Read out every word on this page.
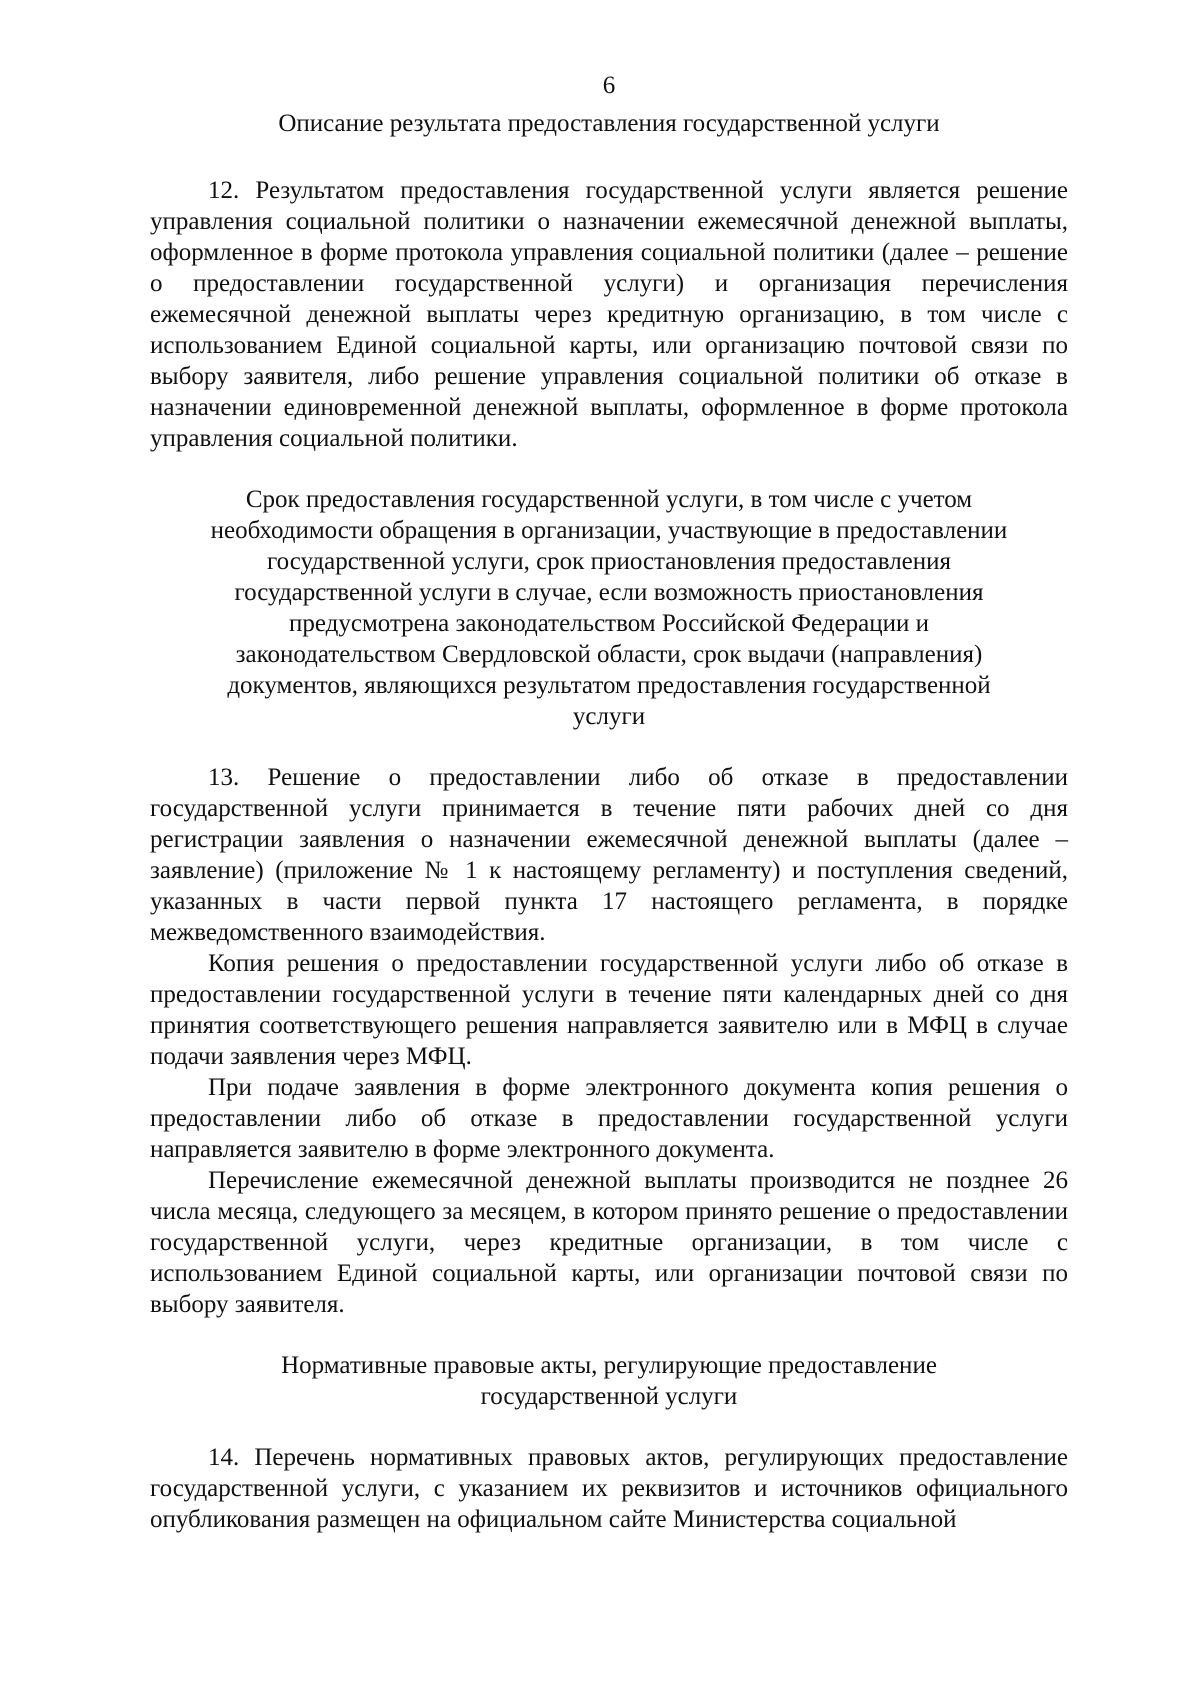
6
Описание результата предоставления государственной услуги

12. Результатом предоставления государственной услуги является решение управления социальной политики о назначении ежемесячной денежной выплаты, оформленное в форме протокола управления социальной политики (далее – решение о предоставлении государственной услуги) и организация перечисления ежемесячной денежной выплаты через кредитную организацию, в том числе с использованием Единой социальной карты, или организацию почтовой связи по выбору заявителя, либо решение управления социальной политики об отказе в назначении единовременной денежной выплаты, оформленное в форме протокола управления социальной политики.

Срок предоставления государственной услуги, в том числе с учетом необходимости обращения в организации, участвующие в предоставлении государственной услуги, срок приостановления предоставления государственной услуги в случае, если возможность приостановления предусмотрена законодательством Российской Федерации и законодательством Свердловской области, срок выдачи (направления) документов, являющихся результатом предоставления государственной услуги

13. Решение о предоставлении либо об отказе в предоставлении государственной услуги принимается в течение пяти рабочих дней со дня регистрации заявления о назначении ежемесячной денежной выплаты (далее – заявление) (приложение № 1 к настоящему регламенту) и поступления сведений, указанных в части первой пункта 17 настоящего регламента, в порядке межведомственного взаимодействия.

Копия решения о предоставлении государственной услуги либо об отказе в предоставлении государственной услуги в течение пяти календарных дней со дня принятия соответствующего решения направляется заявителю или в МФЦ в случае подачи заявления через МФЦ.

При подаче заявления в форме электронного документа копия решения о предоставлении либо об отказе в предоставлении государственной услуги направляется заявителю в форме электронного документа.

Перечисление ежемесячной денежной выплаты производится не позднее 26 числа месяца, следующего за месяцем, в котором принято решение о предоставлении государственной услуги, через кредитные организации, в том числе с использованием Единой социальной карты, или организации почтовой связи по выбору заявителя.

Нормативные правовые акты, регулирующие предоставление
государственной услуги

14. Перечень нормативных правовых актов, регулирующих предоставление государственной услуги, с указанием их реквизитов и источников официального опубликования размещен на официальном сайте Министерства социальной
